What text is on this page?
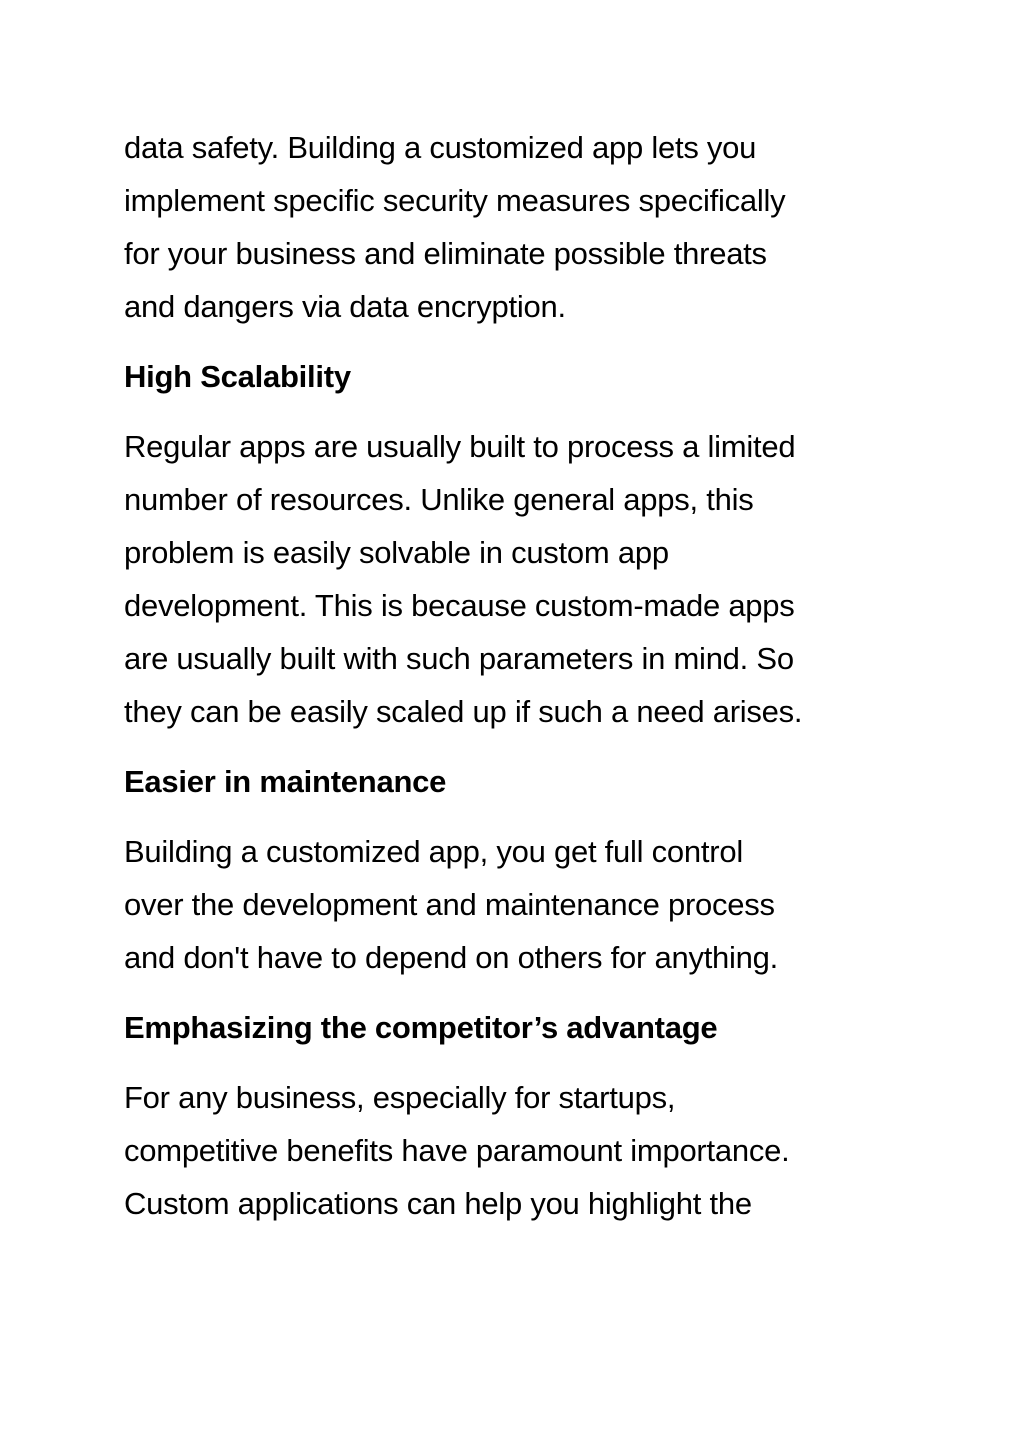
data safety. Building a customized app lets you
implement specific security measures specifically
for your business and eliminate possible threats
and dangers via data encryption.

High Scalability

Regular apps are usually built to process a limited
number of resources. Unlike general apps, this
problem is easily solvable in custom app
development. This is because custom-made apps
are usually built with such parameters in mind. So
they can be easily scaled up if such a need arises.

Easier in maintenance

Building a customized app, you get full control
over the development and maintenance process
and don't have to depend on others for anything.

Emphasizing the competitor’s advantage

For any business, especially for startups,
competitive benefits have paramount importance.
Custom applications can help you highlight the
